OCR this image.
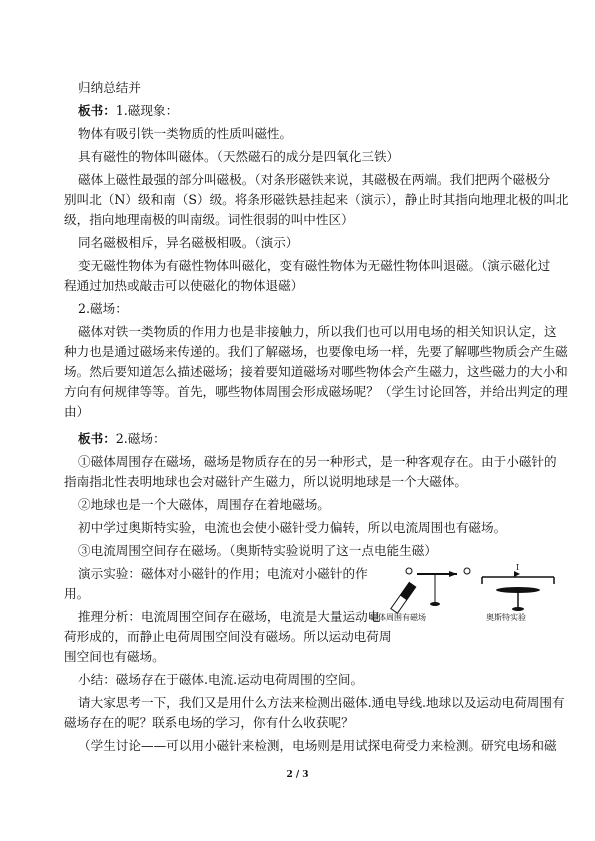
归纳总结并
板书：1.磁现象：
物体有吸引铁一类物质的性质叫磁性。
具有磁性的物体叫磁体。（天然磁石的成分是四氧化三铁）
磁体上磁性最强的部分叫磁极。（对条形磁铁来说，其磁极在两端。我们把两个磁极分
别叫北（N）级和南（S）级。将条形磁铁悬挂起来（演示），静止时其指向地理北极的叫北
级，指向地理南极的叫南级。词性很弱的叫中性区）
同名磁极相斥，异名磁极相吸。（演示）
变无磁性物体为有磁性物体叫磁化，变有磁性物体为无磁性物体叫退磁。（演示磁化过
程通过加热或敲击可以使磁化的物体退磁）
2.磁场：
磁体对铁一类物质的作用力也是非接触力，所以我们也可以用电场的相关知识认定，这
种力也是通过磁场来传递的。我们了解磁场，也要像电场一样，先要了解哪些物质会产生磁
场。然后要知道怎么描述磁场；接着要知道磁场对哪些物体会产生磁力，这些磁力的大小和
方向有何规律等等。首先，哪些物体周围会形成磁场呢？（学生讨论回答，并给出判定的理
由）
板书：2.磁场：
①磁体周围存在磁场，磁场是物质存在的另一种形式，是一种客观存在。由于小磁针的
指南指北性表明地球也会对磁针产生磁力，所以说明地球是一个大磁体。
②地球也是一个大磁体，周围存在着地磁场。
初中学过奥斯特实验，电流也会使小磁针受力偏转，所以电流周围也有磁场。
③电流周围空间存在磁场。（奥斯特实验说明了这一点电能生磁）
演示实验：磁体对小磁针的作用；电流对小磁针的作
用。
推理分析：电流周围空间存在磁场，电流是大量运动电
荷形成的，而静止电荷周围空间没有磁场。所以运动电荷周
围空间也有磁场。
小结：磁场存在于磁体.电流.运动电荷周围的空间。
请大家思考一下，我们又是用什么方法来检测出磁体.通电导线.地球以及运动电荷周围有
磁场存在的呢？联系电场的学习，你有什么收获呢？
（学生讨论——可以用小磁针来检测，电场则是用试探电荷受力来检测。研究电场和磁
磁体周围有磁场
I
奥斯特实验
2 / 3
